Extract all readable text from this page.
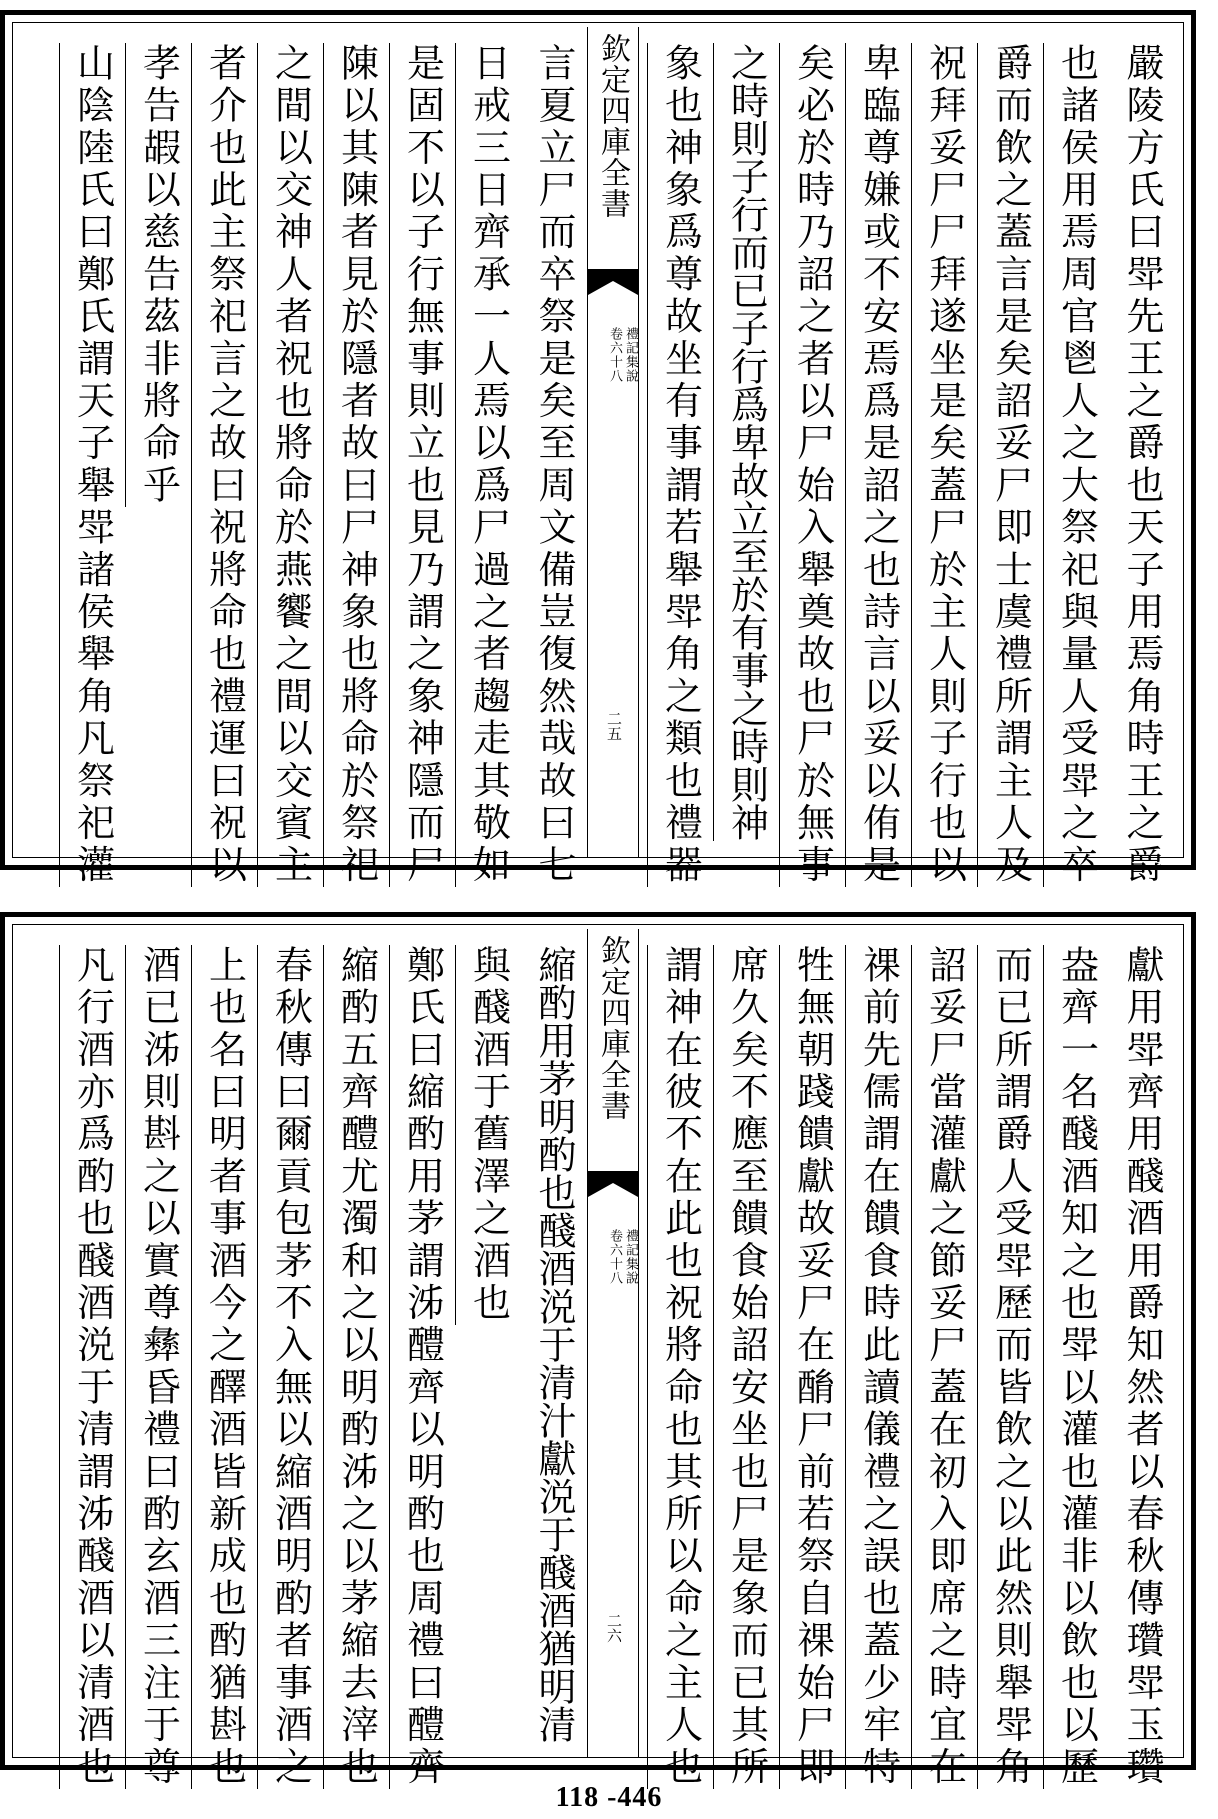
嚴陵方氏曰斝先王之爵也天子用焉角時王之爵
也諸侯用焉周官鬯人之大祭祀與量人受斝之卒
爵而飲之蓋言是矣詔妥尸即士虞禮所謂主人及
祝拜妥尸尸拜遂坐是矣蓋尸於主人則子行也以
卑臨尊嫌或不安焉爲是詔之也詩言以妥以侑是
矣必於時乃詔之者以尸始入舉奠故也尸於無事
之時則子行而已子行爲卑故立至於有事之時則神
象也神象爲尊故坐有事謂若舉斝角之類也禮器
欽定四庫全書
禮記集說
卷六十八
二五
言夏立尸而卒祭是矣至周文備豈復然哉故曰七
日戒三日齊承一人焉以爲尸過之者趨走其敬如
是固不以子行無事則立也見乃謂之象神隱而尸
陳以其陳者見於隱者故曰尸神象也將命於祭祀
之間以交神人者祝也將命於燕饗之間以交賓主
者介也此主祭祀言之故曰祝將命也禮運曰祝以
孝告嘏以慈告茲非將命乎
山陰陸氏曰鄭氏謂天子舉斝諸侯舉角凡祭祀灌
獻用斝齊用醆酒用爵知然者以春秋傳瓚斝玉瓚
盎齊一名醆酒知之也斝以灌也灌非以飲也以歷
而已所謂爵人受斝歷而皆飲之以此然則舉斝角
詔妥尸當灌獻之節妥尸蓋在初入即席之時宜在
祼前先儒謂在饋食時此讀儀禮之誤也蓋少牢特
牲無朝踐饋獻故妥尸在酳尸前若祭自祼始尸即
席久矣不應至饋食始詔安坐也尸是象而已其所
謂神在彼不在此也祝將命也其所以命之主人也
欽定四庫全書
禮記集說
卷六十八
二六
縮酌用茅明酌也醆酒涚于清汁獻涚于醆酒猶明清
與醆酒于舊澤之酒也
鄭氏曰縮酌用茅謂泲醴齊以明酌也周禮曰醴齊
縮酌五齊醴尤濁和之以明酌泲之以茅縮去滓也
春秋傳曰爾貢包茅不入無以縮酒明酌者事酒之
上也名曰明者事酒今之醳酒皆新成也酌猶斟也
酒已泲則斟之以實尊彝昏禮曰酌玄酒三注于尊
凡行酒亦爲酌也醆酒涚于清謂泲醆酒以清酒也
118 -446
